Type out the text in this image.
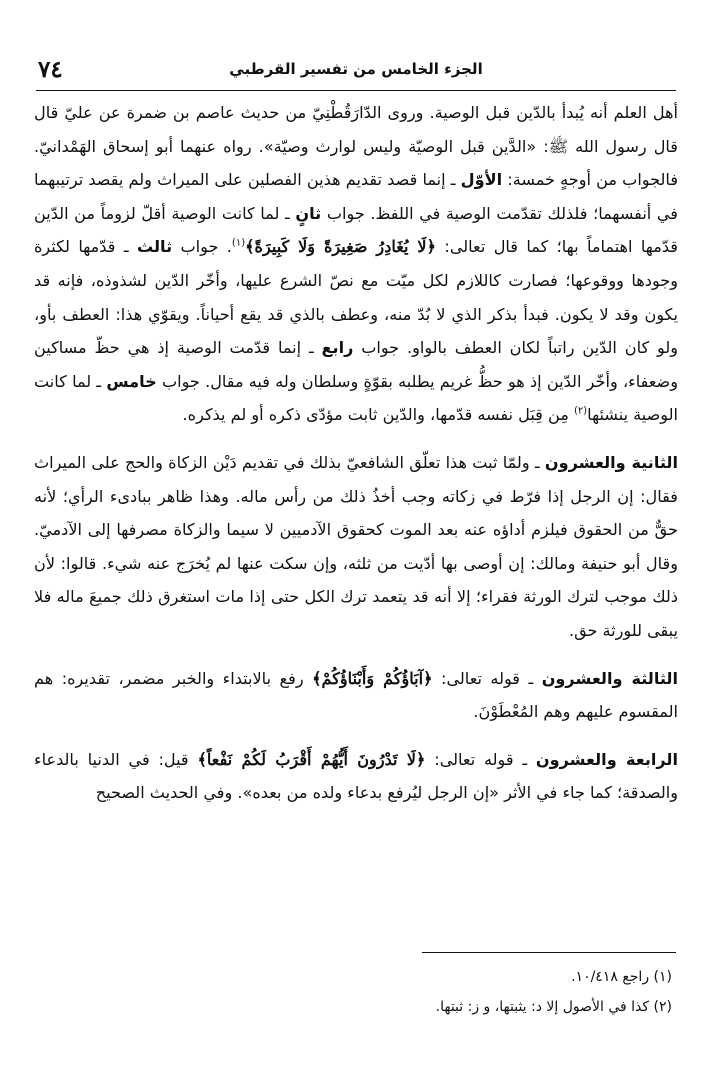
٧٤	الجزء الخامس من تفسير القرطبي

أهل العلم أنه يُبدأ بالدّين قبل الوصية. وروى الدّارَقُطْنِيّ من حديث عاصم بن ضمرة عن عليّ قال قال رسول الله ﷺ: «الدَّين قبل الوصيّة وليس لوارث وصيّة». رواه عنهما أبو إسحاق الهَمْدانيّ. فالجواب من أوجهٍ خمسة: الأوّل ـ إنما قصد تقديم هذين الفصلين على الميراث ولم يقصد ترتيبهما في أنفسهما؛ فلذلك تقدّمت الوصية في اللفظ. جواب ثانٍ ـ لما كانت الوصية أقلّ لزوماً من الدّين قدّمها اهتماماً بها؛ كما قال تعالى: ﴿لَا يُغَادِرُ صَغِيرَةً وَلَا كَبِيرَةً﴾$^{(١)}$. جواب ثالث ـ قدّمها لكثرة وجودها ووقوعها؛ فصارت كاللازم لكل ميّت مع نصّ الشرع عليها، وأخّر الدّين لشذوذه، فإنه قد يكون وقد لا يكون. فبدأ بذكر الذي لا بُدّ منه، وعطف بالذي قد يقع أحياناً. ويقوّي هذا: العطف بأو، ولو كان الدّين راتباً لكان العطف بالواو. جواب رابع ـ إنما قدّمت الوصية إذ هي حظّ مساكين وضعفاء، وأخّر الدّين إذ هو حظُّ غريم يطلبه بقوّةٍ وسلطان وله فيه مقال. جواب خامس ـ لما كانت الوصية ينشئها$^{(٢)}$ مِن قِبَل نفسه قدّمها، والدّين ثابت مؤدّى ذكره أو لم يذكره.

الثانية والعشرون ـ ولمّا ثبت هذا تعلّق الشافعيّ بذلك في تقديم دَيْن الزكاة والحج على الميراث فقال: إن الرجل إذا فرّط في زكاته وجب أخذُ ذلك من رأس ماله. وهذا ظاهر ببادىء الرأي؛ لأنه حقٌّ من الحقوق فيلزم أداؤه عنه بعد الموت كحقوق الآدميين لا سيما والزكاة مصرفها إلى الآدميّ. وقال أبو حنيفة ومالك: إن أوصى بها أدّيت من ثلثه، وإن سكت عنها لم يُخرَج عنه شيء. قالوا: لأن ذلك موجب لترك الورثة فقراء؛ إلا أنه قد يتعمد ترك الكل حتى إذا مات استغرق ذلك جميعَ ماله فلا يبقى للورثة حق.

الثالثة والعشرون ـ قوله تعالى: ﴿آبَاؤُكُمْ وَأَبْنَاؤُكُمْ﴾ رفع بالابتداء والخبر مضمر، تقديره: هم المقسوم عليهم وهم المُعْطَوْنَ.

الرابعة والعشرون ـ قوله تعالى: ﴿لَا تَدْرُونَ أَيُّهُمْ أَقْرَبُ لَكُمْ نَفْعاً﴾ قيل: في الدنيا بالدعاء والصدقة؛ كما جاء في الأثر «إن الرجل ليُرفع بدعاء ولده من بعده». وفي الحديث الصحيح

(١) راجع ١٠/٤١٨.
(٢) كذا في الأصول إلا د: يثبتها، و ز: ثبتها.
